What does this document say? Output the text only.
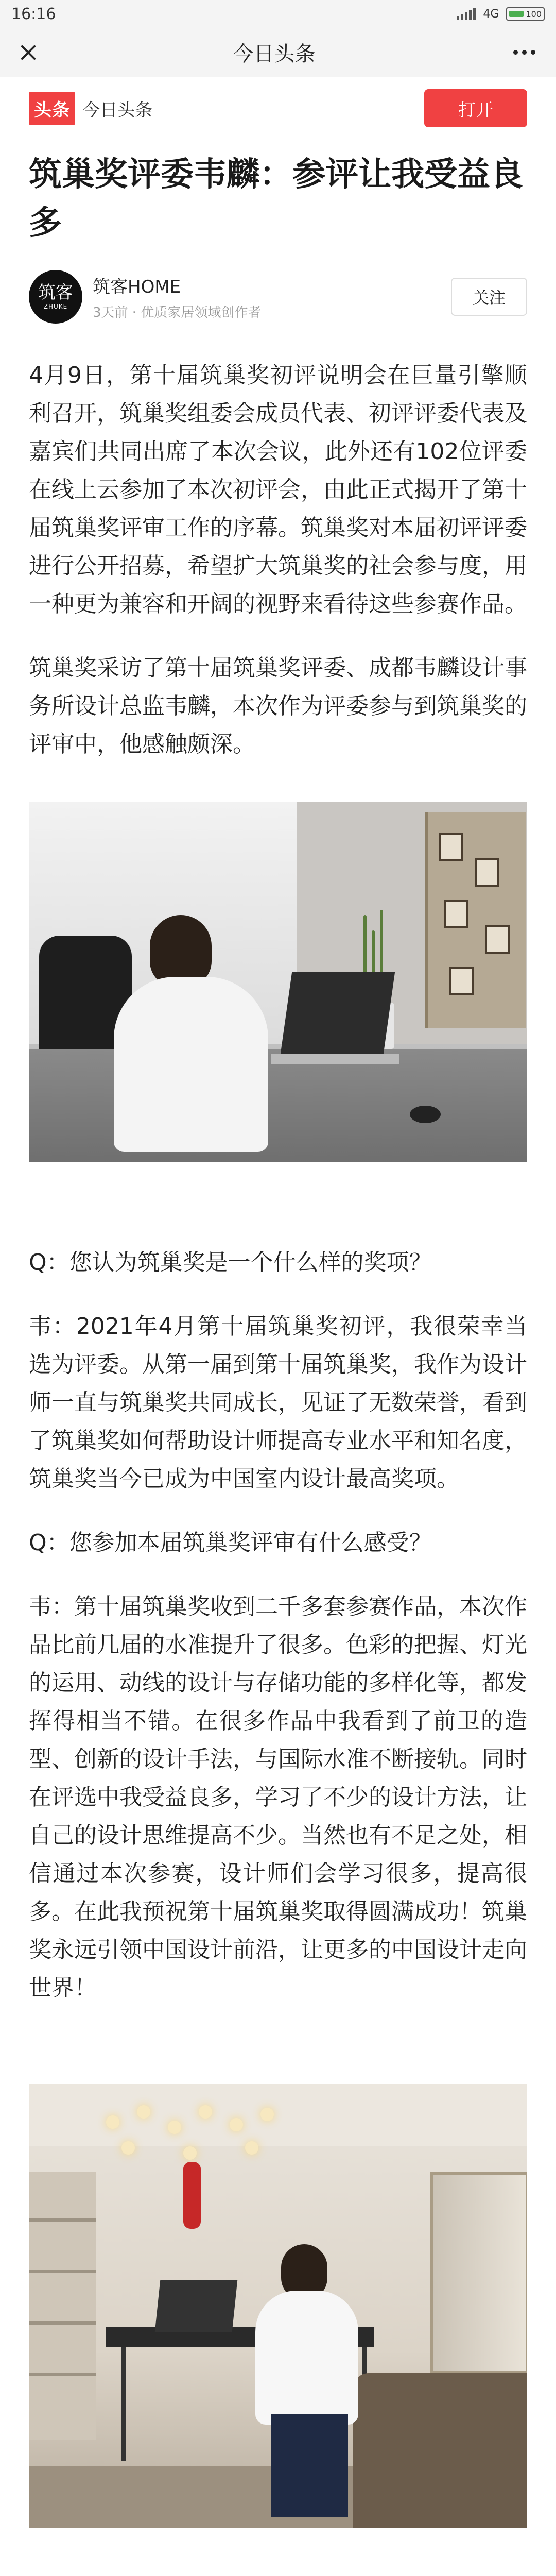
16:16	4G	100
今日头条
头条 今日头条	打开
筑巢奖评委韦麟：参评让我受益良多
筑客
ZHUKE
筑客HOME
3天前 · 优质家居领域创作者
关注
4月9日，第十届筑巢奖初评说明会在巨量引擎顺利召开，筑巢奖组委会成员代表、初评评委代表及嘉宾们共同出席了本次会议，此外还有102位评委在线上云参加了本次初评会，由此正式揭开了第十届筑巢奖评审工作的序幕。筑巢奖对本届初评评委进行公开招募，希望扩大筑巢奖的社会参与度，用一种更为兼容和开阔的视野来看待这些参赛作品。
筑巢奖采访了第十届筑巢奖评委、成都韦麟设计事务所设计总监韦麟，本次作为评委参与到筑巢奖的评审中，他感触颇深。
Q：您认为筑巢奖是一个什么样的奖项？
韦：2021年4月第十届筑巢奖初评，我很荣幸当选为评委。从第一届到第十届筑巢奖，我作为设计师一直与筑巢奖共同成长，见证了无数荣誉，看到了筑巢奖如何帮助设计师提高专业水平和知名度，筑巢奖当今已成为中国室内设计最高奖项。
Q：您参加本届筑巢奖评审有什么感受？
韦：第十届筑巢奖收到二千多套参赛作品，本次作品比前几届的水准提升了很多。色彩的把握、灯光的运用、动线的设计与存储功能的多样化等，都发挥得相当不错。在很多作品中我看到了前卫的造型、创新的设计手法，与国际水准不断接轨。同时在评选中我受益良多，学习了不少的设计方法，让自己的设计思维提高不少。当然也有不足之处，相信通过本次参赛，设计师们会学习很多，提高很多。在此我预祝第十届筑巢奖取得圆满成功！筑巢奖永远引领中国设计前沿，让更多的中国设计走向世界！
